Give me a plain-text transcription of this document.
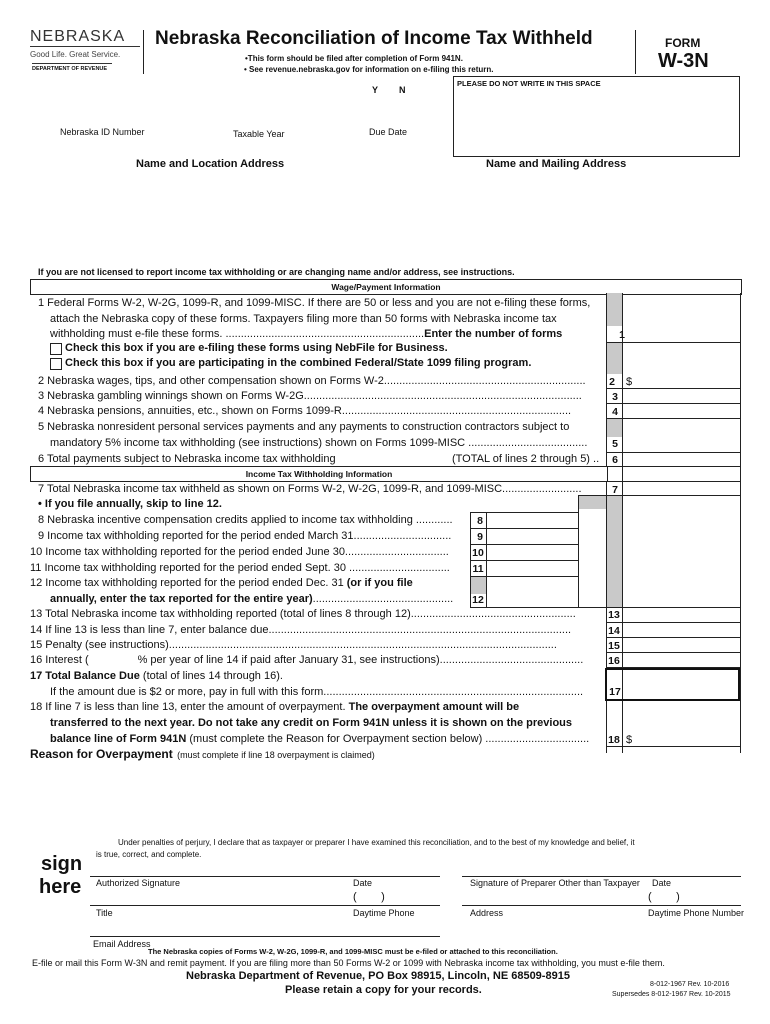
NEBRASKA
Good Life. Great Service.
DEPARTMENT OF REVENUE
Nebraska Reconciliation of Income Tax Withheld
•This form should be filed after completion of Form 941N.
• See revenue.nebraska.gov for information on e-filing this return.
FORM
W-3N
Y N
PLEASE DO NOT WRITE IN THIS SPACE
Nebraska ID Number	Taxable Year	Due Date
Name and Location Address	Name and Mailing Address
If you are not licensed to report income tax withholding or are changing name and/or address, see instructions.
Wage/Payment Information
1 Federal Forms W-2, W-2G, 1099-R, and 1099-MISC. If there are 50 or less and you are not e-filing these forms,
attach the Nebraska copy of these forms. Taxpayers filing more than 50 forms with Nebraska income tax
withholding must e-file these forms. .................................................................Enter the number of forms	1
Check this box if you are e-filing these forms using NebFile for Business.
Check this box if you are participating in the combined Federal/State 1099 filing program.
2 Nebraska wages, tips, and other compensation shown on Forms W-2..................................................................	2	$
3 Nebraska gambling winnings shown on Forms W-2G...........................................................................................	3
4 Nebraska pensions, annuities, etc., shown on Forms 1099-R...........................................................................	4
5 Nebraska nonresident personal services payments and any payments to construction contractors subject to
mandatory 5% income tax withholding (see instructions) shown on Forms 1099-MISC .......................................	5
6 Total payments subject to Nebraska income tax withholding	(TOTAL of lines 2 through 5) ..	6
Income Tax Withholding Information
7 Total Nebraska income tax withheld as shown on Forms W-2, W-2G, 1099-R, and 1099-MISC..........................	7
• If you file annually, skip to line 12.
8 Nebraska incentive compensation credits applied to income tax withholding ............	8
9 Income tax withholding reported for the period ended March 31................................	9
10 Income tax withholding reported for the period ended June 30..................................	10
11 Income tax withholding reported for the period ended Sept. 30 .................................	11
12 Income tax withholding reported for the period ended Dec. 31 (or if you file
annually, enter the tax reported for the entire year)..............................................	12
13 Total Nebraska income tax withholding reported (total of lines 8 through 12)......................................................	13
14 If line 13 is less than line 7, enter balance due...................................................................................................	14
15 Penalty (see instructions)...............................................................................................................................	15
16 Interest (                % per year of line 14 if paid after January 31, see instructions)...............................................	16
17 Total Balance Due (total of lines 14 through 16).
If the amount due is $2 or more, pay in full with this form.....................................................................................	17
18 If line 7 is less than line 13, enter the amount of overpayment. The overpayment amount will be
transferred to the next year. Do not take any credit on Form 941N unless it is shown on the previous
balance line of Form 941N (must complete the Reason for Overpayment section below) ..................................	18 $
Reason for Overpayment (must complete if line 18 overpayment is claimed)
Under penalties of perjury, I declare that as taxpayer or preparer I have examined this reconciliation, and to the best of my knowledge and belief, it
is true, correct, and complete.
sign
here Authorized Signature	Date	Signature of Preparer Other than Taxpayer Date
(        )	(        )
Title	Daytime Phone	Address	Daytime Phone Number
Email Address
The Nebraska copies of Forms W-2, W-2G, 1099-R, and 1099-MISC must be e-filed or attached to this reconciliation.
E-file or mail this Form W-3N and remit payment. If you are filing more than 50 Forms W-2 or 1099 with Nebraska income tax withholding, you must e-file them.
Nebraska Department of Revenue, PO Box 98915, Lincoln, NE 68509-8915
Please retain a copy for your records.	8-012-1967 Rev. 10-2016
Supersedes 8-012-1967 Rev. 10-2015
